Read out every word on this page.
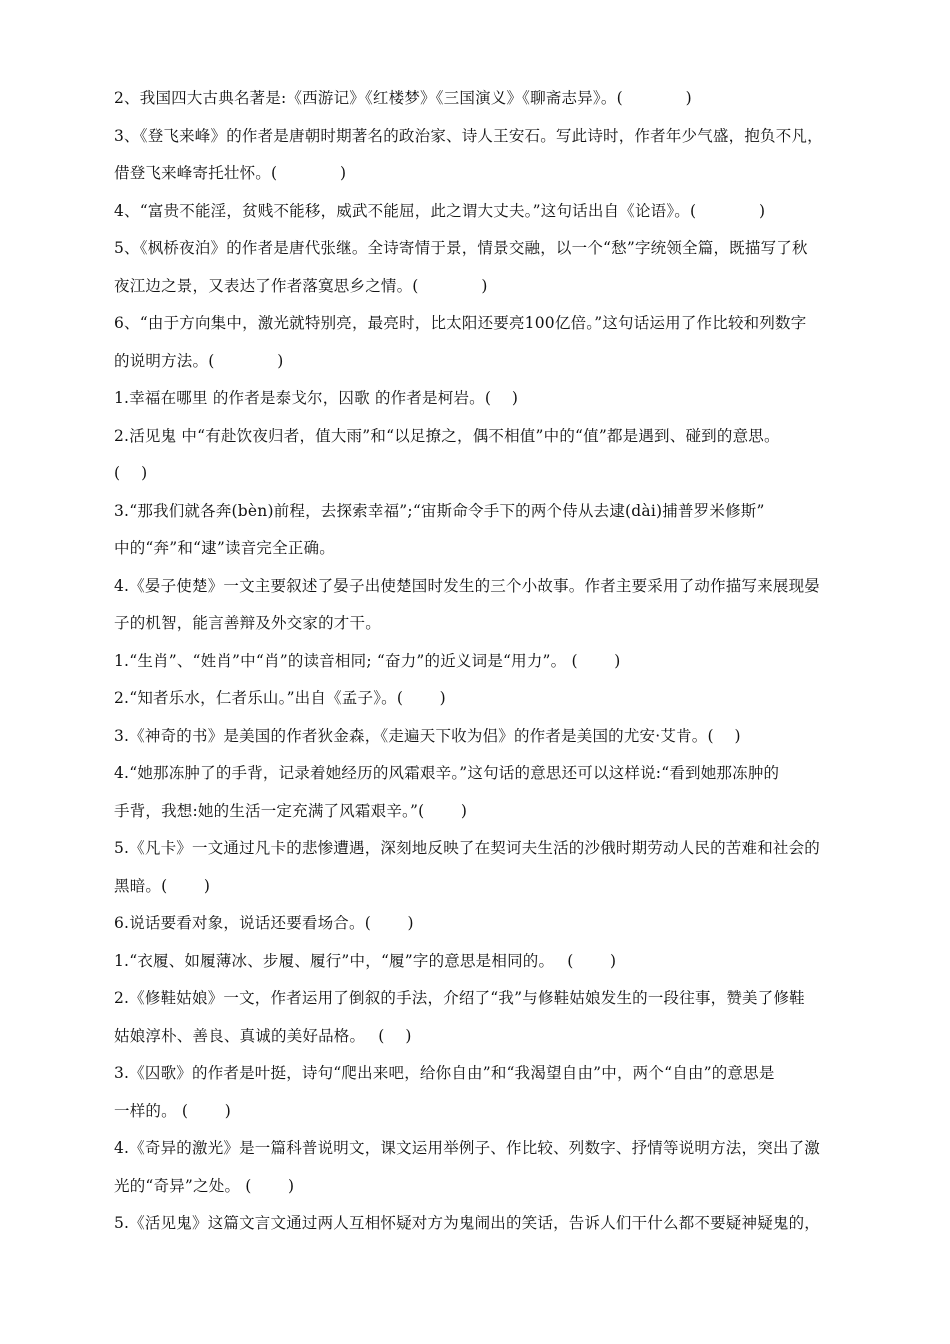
2、我国四大古典名著是:《西游记》《红楼梦》《三国演义》《聊斋志异》。(　　　　)
3、《登飞来峰》的作者是唐朝时期著名的政治家、诗人王安石。写此诗时，作者年少气盛，抱负不凡，
借登飞来峰寄托壮怀。(　　　　)
4、“富贵不能淫，贫贱不能移，威武不能屈，此之谓大丈夫。”这句话出自《论语》。(　　　　)
5、《枫桥夜泊》的作者是唐代张继。全诗寄情于景，情景交融，以一个“愁”字统领全篇，既描写了秋
夜江边之景，又表达了作者落寞思乡之情。(　　　　)
6、“由于方向集中，激光就特别亮，最亮时，比太阳还要亮100亿倍。”这句话运用了作比较和列数字
的说明方法。(　　　　)
1.幸福在哪里 的作者是泰戈尔，囚歌 的作者是柯岩。(　 )
2.活见鬼 中“有赴饮夜归者，值大雨”和“以足撩之，偶不相值”中的“值”都是遇到、碰到的意思。
(　 )
3.“那我们就各奔(bèn)前程，去探索幸福”;“宙斯命令手下的两个侍从去逮(dài)捕普罗米修斯”
中的“奔”和“逮”读音完全正确。
4.《晏子使楚》一文主要叙述了晏子出使楚国时发生的三个小故事。作者主要采用了动作描写来展现晏
子的机智，能言善辩及外交家的才干。
1.“生肖”、“姓肖”中“肖”的读音相同; “奋力”的近义词是“用力”。 (　　 )
2.“知者乐水，仁者乐山。”出自《孟子》。(　　 )
3.《神奇的书》是美国的作者狄金森，《走遍天下收为侣》的作者是美国的尤安·艾肯。(　 )
4.“她那冻肿了的手背，记录着她经历的风霜艰辛。”这句话的意思还可以这样说:“看到她那冻肿的
手背，我想:她的生活一定充满了风霜艰辛。”(　　 )
5.《凡卡》一文通过凡卡的悲惨遭遇，深刻地反映了在契诃夫生活的沙俄时期劳动人民的苦难和社会的
黑暗。(　　 )
6.说话要看对象，说话还要看场合。(　　 )
1.“衣履、如履薄冰、步履、履行”中，“履”字的意思是相同的。　 (　　 )
2.《修鞋姑娘》一文，作者运用了倒叙的手法，介绍了“我”与修鞋姑娘发生的一段往事，赞美了修鞋
姑娘淳朴、善良、真诚的美好品格。　 (　 )
3.《囚歌》的作者是叶挺，诗句“爬出来吧，给你自由”和“我渴望自由”中，两个“自由”的意思是
一样的。 (　　 )
4.《奇异的激光》是一篇科普说明文，课文运用举例子、作比较、列数字、抒情等说明方法，突出了激
光的“奇异”之处。 (　　 )
5.《活见鬼》这篇文言文通过两人互相怀疑对方为鬼闹出的笑话，告诉人们干什么都不要疑神疑鬼的，
